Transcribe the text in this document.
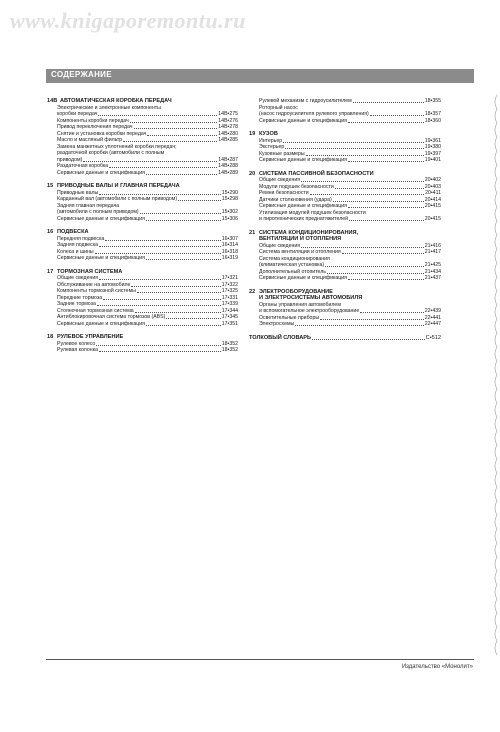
www.knigaporemontu.ru
СОДЕРЖАНИЕ
14B АВТОМАТИЧЕСКАЯ КОРОБКА ПЕРЕДАЧ
Электрические и электронные компоненты
коробки передач	14B•275
Компоненты коробки передач	14B•276
Привод переключения передач	14B•278
Снятие и установка коробки передач	14B•280
Масло и масляный фильтр	14B•285
Замена манжетных уплотнений коробки передач;
раздаточной коробки (автомобили с полным
приводом)	14B•287
Раздаточная коробка	14B•288
Сервисные данные и спецификация	14B•289
15 ПРИВОДНЫЕ ВАЛЫ И ГЛАВНАЯ ПЕРЕДАЧА
Приводные валы	15•290
Карданный вал (автомобили с полным приводом)	15•298
Задняя главная передача
(автомобили с полным приводом)	15•302
Сервисные данные и спецификация	15•306
16 ПОДВЕСКА
Передняя подвеска	16•307
Задняя подвеска	16•314
Колеса и шины	16•318
Сервисные данные и спецификация	16•319
17 ТОРМОЗНАЯ СИСТЕМА
Общие сведения	17•321
Обслуживание на автомобиле	17•322
Компоненты тормозной системы	17•325
Передние тормоза	17•331
Задние тормоза	17•339
Стояночная тормозная система	17•344
Антиблокировочная система тормозов (ABS)	17•345
Сервисные данные и спецификация	17•351
18 РУЛЕВОЕ УПРАВЛЕНИЕ
Рулевое колесо	18•352
Рулевая колонка	18•352
Рулевой механизм с гидроусилителем	18•355
Роторный насос
(насос гидроусилителя рулевого управления)	18•357
Сервисные данные и спецификация	18•360
19 КУЗОВ
Интерьер	19•361
Экстерьер	19•380
Кузовные размеры	19•397
Сервисные данные и спецификация	19•401
20 СИСТЕМА ПАССИВНОЙ БЕЗОПАСНОСТИ
Общие сведения	20•402
Модули подушек безопасности	20•403
Ремни безопасности	20•411
Датчики столкновения (удара)	20•414
Сервисные данные и спецификация	20•415
Утилизация модулей подушек безопасности
и пиротехнических преднатяжителей	20•415
21 СИСТЕМА КОНДИЦИОНИРОВАНИЯ,
ВЕНТИЛЯЦИИ И ОТОПЛЕНИЯ
Общие сведения	21•416
Система вентиляции и отопления	21•417
Система кондиционирования
(климатическая установка)	21•425
Дополнительный отопитель	21•434
Сервисные данные и спецификация	21•437
22 ЭЛЕКТРООБОРУДОВАНИЕ
И ЭЛЕКТРОСИСТЕМЫ АВТОМОБИЛЯ
Органы управления автомобилем
и вспомогательное электрооборудование	22•439
Осветительные приборы	22•441
Электросхемы	22•447
ТОЛКОВЫЙ СЛОВАРЬ	С•512
Издательство «Монолит»
